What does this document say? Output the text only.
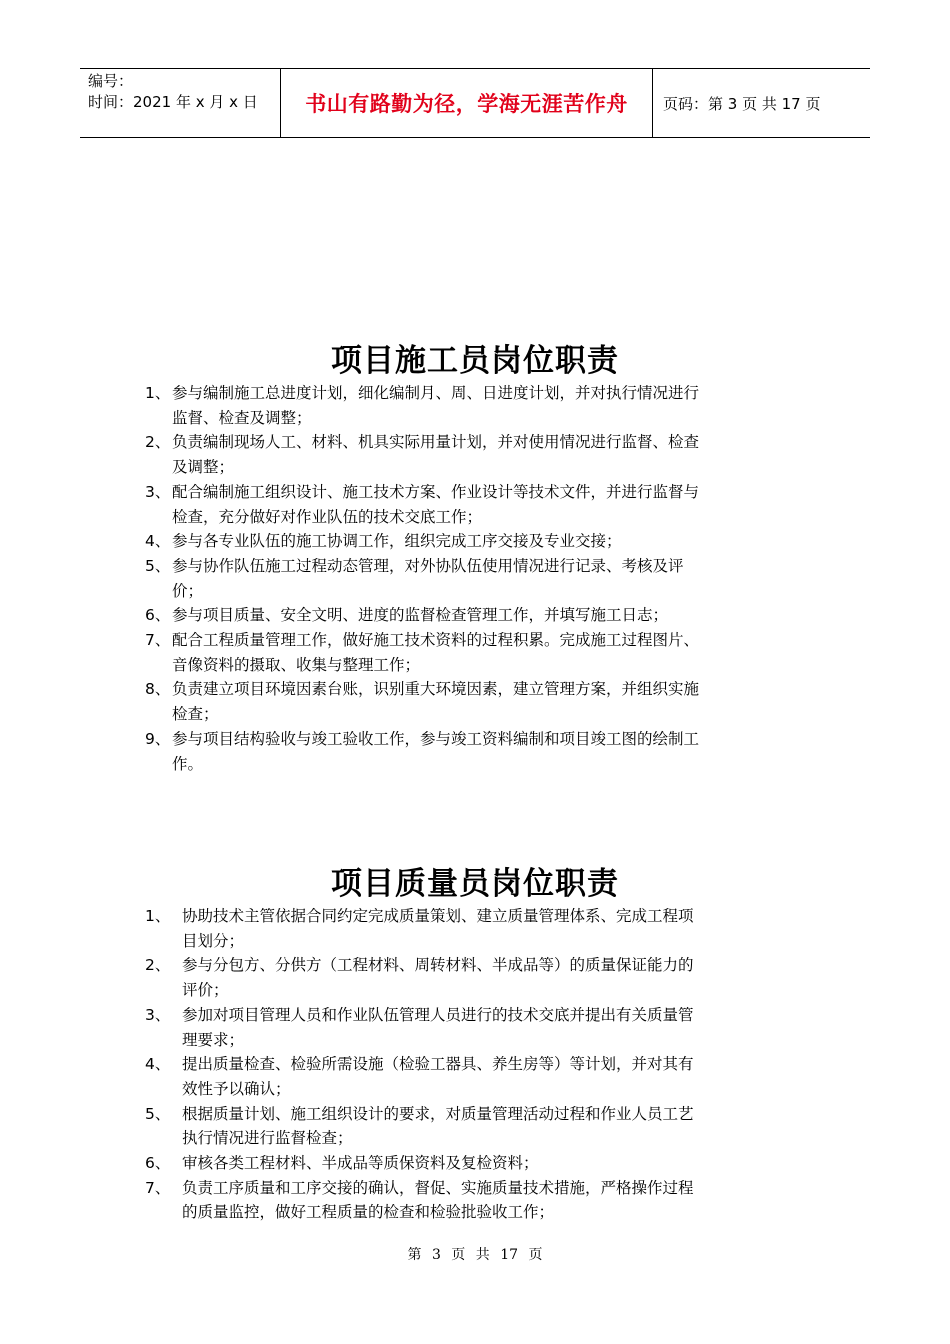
编号：
时间：2021 年 x 月 x 日	书山有路勤为径，学海无涯苦作舟	页码：第 3 页 共 17 页
项目施工员岗位职责
1、 参与编制施工总进度计划，细化编制月、周、日进度计划，并对执行情况进行监督、检查及调整；
2、 负责编制现场人工、材料、机具实际用量计划，并对使用情况进行监督、检查及调整；
3、 配合编制施工组织设计、施工技术方案、作业设计等技术文件，并进行监督与检查，充分做好对作业队伍的技术交底工作；
4、 参与各专业队伍的施工协调工作，组织完成工序交接及专业交接；
5、 参与协作队伍施工过程动态管理，对外协队伍使用情况进行记录、考核及评价；
6、 参与项目质量、安全文明、进度的监督检查管理工作，并填写施工日志；
7、 配合工程质量管理工作，做好施工技术资料的过程积累。完成施工过程图片、音像资料的摄取、收集与整理工作；
8、 负责建立项目环境因素台账，识别重大环境因素，建立管理方案，并组织实施检查；
9、 参与项目结构验收与竣工验收工作，参与竣工资料编制和项目竣工图的绘制工作。
项目质量员岗位职责
1、 协助技术主管依据合同约定完成质量策划、建立质量管理体系、完成工程项目划分；
2、 参与分包方、分供方（工程材料、周转材料、半成品等）的质量保证能力的评价；
3、 参加对项目管理人员和作业队伍管理人员进行的技术交底并提出有关质量管理要求；
4、 提出质量检查、检验所需设施（检验工器具、养生房等）等计划，并对其有效性予以确认；
5、 根据质量计划、施工组织设计的要求，对质量管理活动过程和作业人员工艺执行情况进行监督检查；
6、 审核各类工程材料、半成品等质保资料及复检资料；
7、 负责工序质量和工序交接的确认，督促、实施质量技术措施，严格操作过程的质量监控，做好工程质量的检查和检验批验收工作；
第 3 页 共 17 页
